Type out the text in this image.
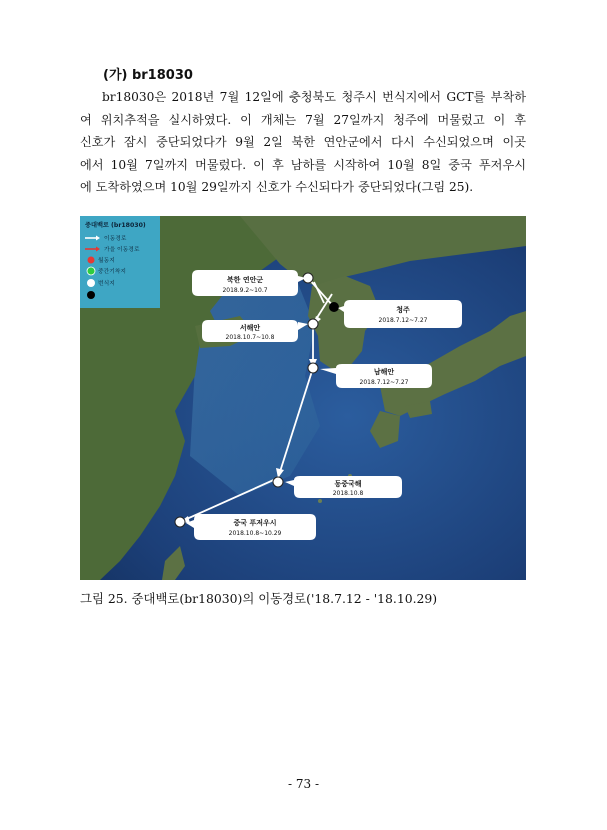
(가) br18030

br18030은 2018년 7월 12일에 충청북도 청주시 번식지에서 GCT를 부착하

여 위치추적을 실시하였다. 이 개체는 7월 27일까지 청주에 머물렀고 이 후

신호가 잠시 중단되었다가 9월 2일 북한 연안군에서 다시 수신되었으며 이곳

에서 10월 7일까지 머물렀다. 이 후 남하를 시작하여 10월 8일 중국 푸저우시

에 도착하였으며 10월 29일까지 신호가 수신되다가 중단되었다(그림 25).

북한 연안군
2018.9.2~10.7
청주
2018.7.12~7.27
서해안
2018.10.7~10.8
남해안
2018.7.12~7.27
동중국해
2018.10.8
중국 푸저우시
2018.10.8~10.29
중대백로 (br18030)
이동경로
가을 이동경로
월동지
중간기착지
번식지
그림 25. 중대백로(br18030)의 이동경로('18.7.12 - '18.10.29)
- 73 -
